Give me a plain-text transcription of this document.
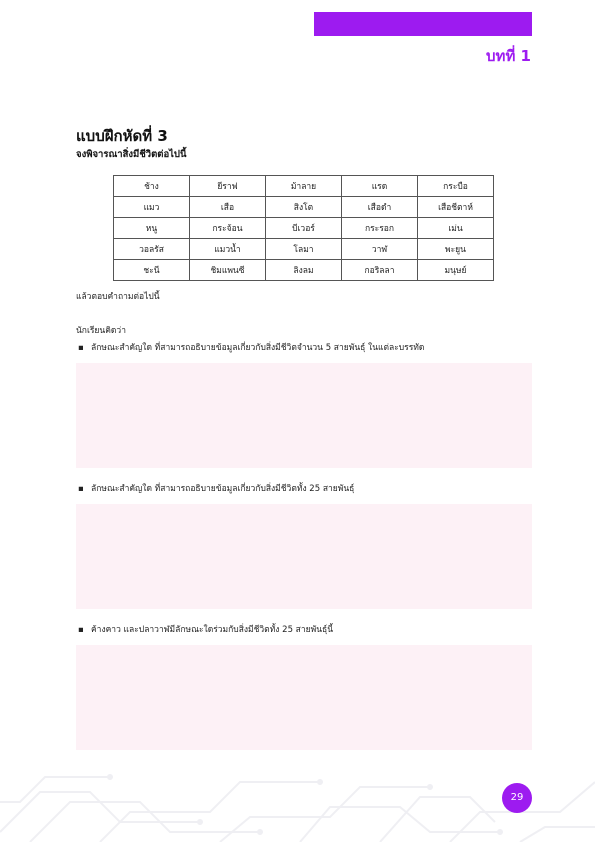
บทที่ 1
แบบฝึกหัดที่ 3
จงพิจารณาสิ่งมีชีวิตต่อไปนี้
ช้าง	ยีราฟ	ม้าลาย	แรด	กระบือ
แมว	เสือ	สิงโต	เสือดำ	เสือชีตาห์
หนู	กระจ้อน	บีเวอร์	กระรอก	เม่น
วอลรัส	แมวน้ำ	โลมา	วาฬ	พะยูน
ชะนี	ชิมแพนซี	ลิงลม	กอริลลา	มนุษย์
แล้วตอบคำถามต่อไปนี้
นักเรียนคิดว่า
▪ ลักษณะสำคัญใด ที่สามารถอธิบายข้อมูลเกี่ยวกับสิ่งมีชีวิตจำนวน 5 สายพันธุ์ ในแต่ละบรรทัด
▪ ลักษณะสำคัญใด ที่สามารถอธิบายข้อมูลเกี่ยวกับสิ่งมีชีวิตทั้ง 25 สายพันธุ์
▪ ค้างคาว และปลาวาฬมีลักษณะใดร่วมกับสิ่งมีชีวิตทั้ง 25 สายพันธุ์นี้
29
